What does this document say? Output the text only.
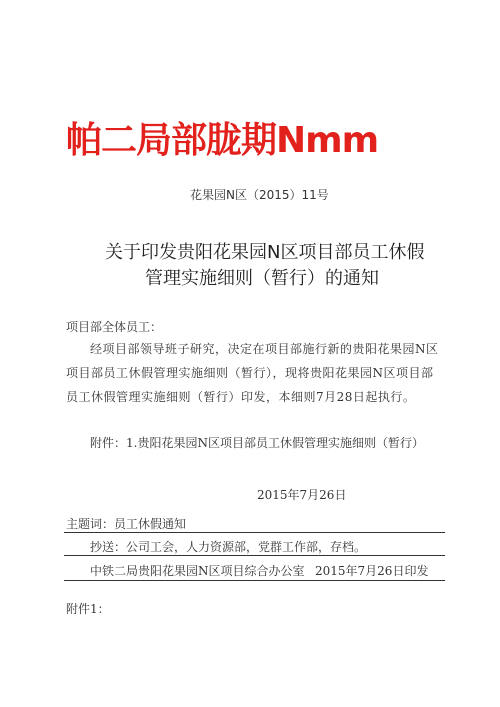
帕二局部胧期Nmm
花果园N区（2015）11号
关于印发贵阳花果园N区项目部员工休假
管理实施细则（暂行）的通知
项目部全体员工：
经项目部领导班子研究，决定在项目部施行新的贵阳花果园N区
项目部员工休假管理实施细则（暂行），现将贵阳花果园N区项目部
员工休假管理实施细则（暂行）印发，本细则7月28日起执行。
附件：1.贵阳花果园N区项目部员工休假管理实施细则（暂行）
2015年7月26日
主题词：员工休假通知
抄送：公司工会，人力资源部，党群工作部，存档。
中铁二局贵阳花果园N区项目综合办公室 2015年7月26日印发
附件1：
